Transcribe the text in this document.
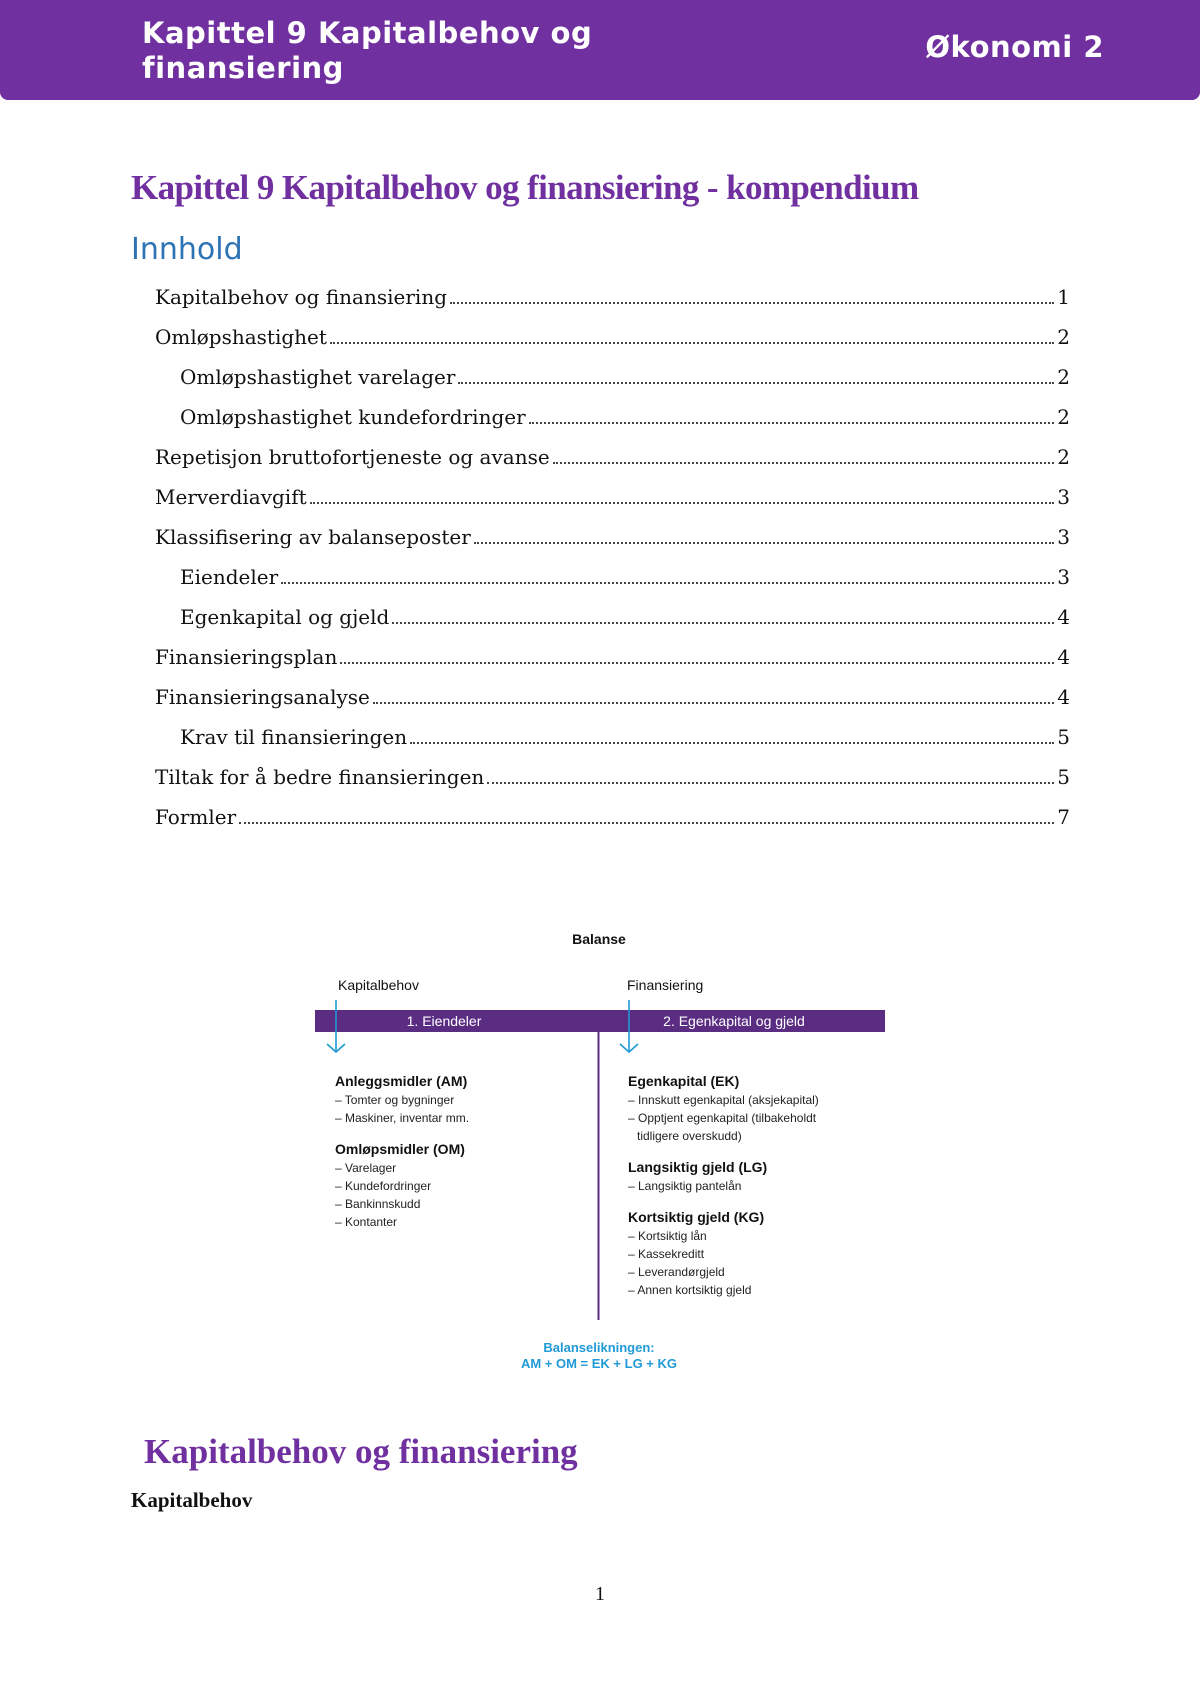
Kapittel 9 Kapitalbehov og finansiering
Økonomi 2
Kapittel 9 Kapitalbehov og finansiering - kompendium
Innhold
Kapitalbehov og finansiering	1
Omløpshastighet	2
Omløpshastighet varelager	2
Omløpshastighet kundefordringer	2
Repetisjon bruttofortjeneste og avanse	2
Merverdiavgift	3
Klassifisering av balanseposter	3
Eiendeler	3
Egenkapital og gjeld	4
Finansieringsplan	4
Finansieringsanalyse	4
Krav til finansieringen	5
Tiltak for å bedre finansieringen	5
Formler	7
Balanse
Kapitalbehov	Finansiering
1. Eiendeler	2. Egenkapital og gjeld
Anleggsmidler (AM)
– Tomter og bygninger
– Maskiner, inventar mm.
Omløpsmidler (OM)
– Varelager
– Kundefordringer
– Bankinnskudd
– Kontanter
Egenkapital (EK)
– Innskutt egenkapital (aksjekapital)
– Opptjent egenkapital (tilbakeholdt
tidligere overskudd)
Langsiktig gjeld (LG)
– Langsiktig pantelån
Kortsiktig gjeld (KG)
– Kortsiktig lån
– Kassekreditt
– Leverandørgjeld
– Annen kortsiktig gjeld
Balanselikningen:
AM + OM = EK + LG + KG
Kapitalbehov og finansiering
Kapitalbehov
1
